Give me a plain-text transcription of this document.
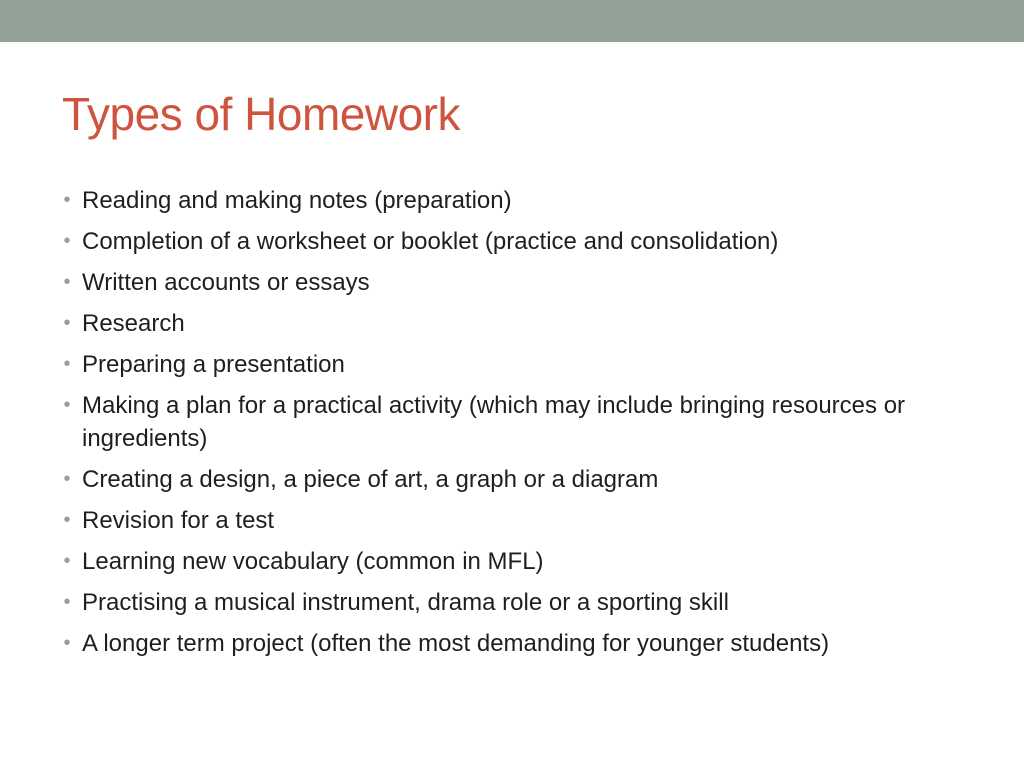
Types of Homework
• Reading and making notes (preparation)
• Completion of a worksheet or booklet (practice and consolidation)
• Written accounts or essays
• Research
• Preparing a presentation
• Making a plan for a practical activity (which may include bringing resources or ingredients)
• Creating a design, a piece of art, a graph or a diagram
• Revision for a test
• Learning new vocabulary (common in MFL)
• Practising a musical instrument, drama role or a sporting skill
• A longer term project (often the most demanding for younger students)
